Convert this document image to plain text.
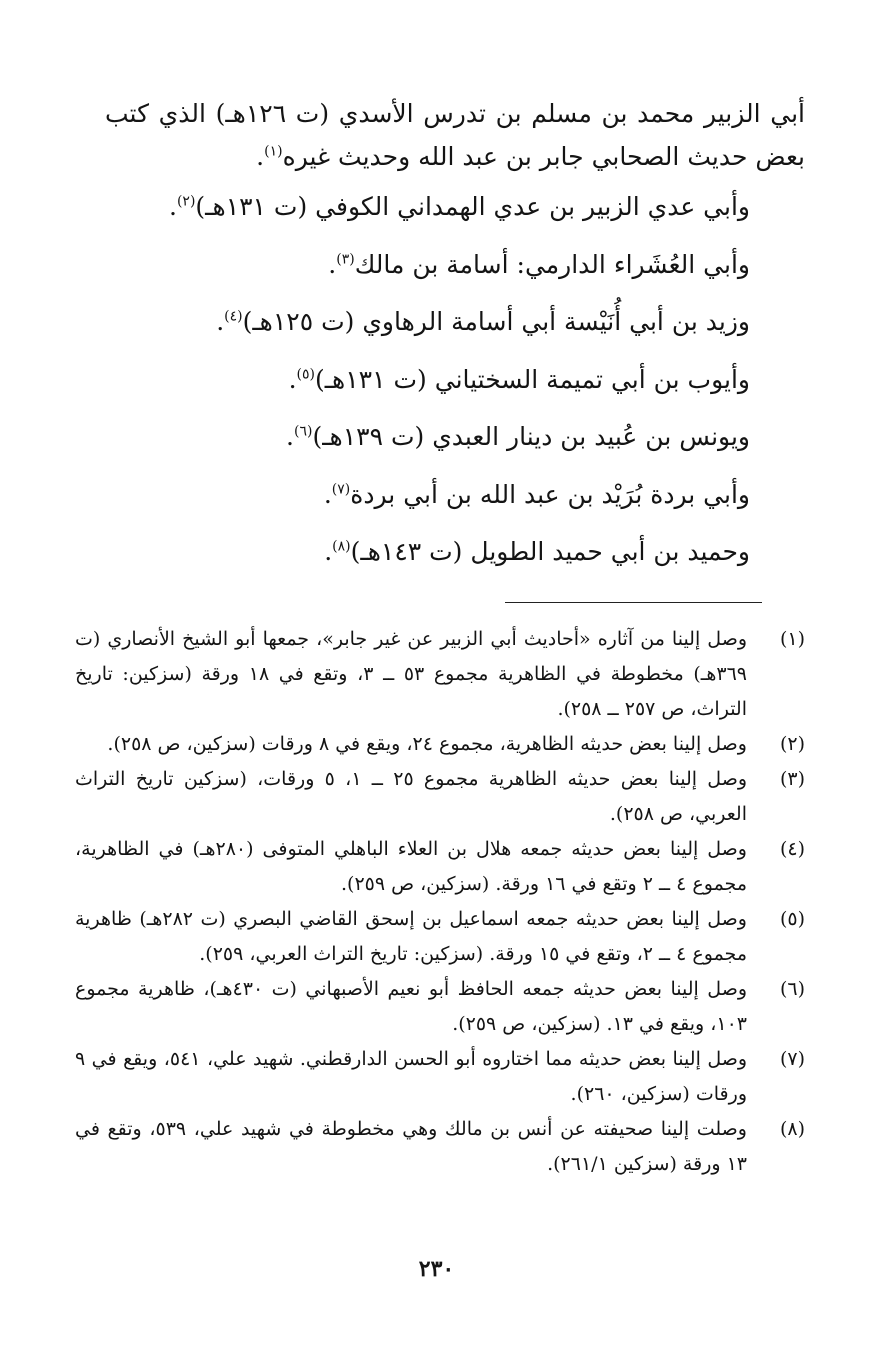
أبي الزبير محمد بن مسلم بن تدرس الأسدي (ت ١٢٦هـ) الذي كتب بعض حديث الصحابي جابر بن عبد الله وحديث غيره$^{(١)}$.

وأبي عدي الزبير بن عدي الهمداني الكوفي (ت ١٣١هـ)$^{(٢)}$.

وأبي العُشَراء الدارمي: أسامة بن مالك$^{(٣)}$.

وزيد بن أبي أُنَيْسة أبي أسامة الرهاوي (ت ١٢٥هـ)$^{(٤)}$.

وأيوب بن أبي تميمة السختياني (ت ١٣١هـ)$^{(٥)}$.

ويونس بن عُبيد بن دينار العبدي (ت ١٣٩هـ)$^{(٦)}$.

وأبي بردة بُرَيْد بن عبد الله بن أبي بردة$^{(٧)}$.

وحميد بن أبي حميد الطويل (ت ١٤٣هـ)$^{(٨)}$.

(١)
وصل إلينا من آثاره «أحاديث أبي الزبير عن غير جابر»، جمعها أبو الشيخ الأنصاري (ت ٣٦٩هـ) مخطوطة في الظاهرية مجموع ٥٣ ــ ٣، وتقع في ١٨ ورقة (سزكين: تاريخ التراث، ص ٢٥٧ ــ ٢٥٨).
(٢)
وصل إلينا بعض حديثه الظاهرية، مجموع ٢٤، ويقع في ٨ ورقات (سزكين، ص ٢٥٨).
(٣)
وصل إلينا بعض حديثه الظاهرية مجموع ٢٥ ــ ١، ٥ ورقات، (سزكين تاريخ التراث العربي، ص ٢٥٨).
(٤)
وصل إلينا بعض حديثه جمعه هلال بن العلاء الباهلي المتوفى (٢٨٠هـ) في الظاهرية، مجموع ٤ ــ ٢ وتقع في ١٦ ورقة. (سزكين، ص ٢٥٩).
(٥)
وصل إلينا بعض حديثه جمعه اسماعيل بن إسحق القاضي البصري (ت ٢٨٢هـ) ظاهرية مجموع ٤ ــ ٢، وتقع في ١٥ ورقة. (سزكين: تاريخ التراث العربي، ٢٥٩).
(٦)
وصل إلينا بعض حديثه جمعه الحافظ أبو نعيم الأصبهاني (ت ٤٣٠هـ)، ظاهرية مجموع ١٠٣، ويقع في ١٣. (سزكين، ص ٢٥٩).
(٧)
وصل إلينا بعض حديثه مما اختاروه أبو الحسن الدارقطني. شهيد علي، ٥٤١، ويقع في ٩ ورقات (سزكين، ٢٦٠).
(٨)
وصلت إلينا صحيفته عن أنس بن مالك وهي مخطوطة في شهيد علي، ٥٣٩، وتقع في ١٣ ورقة (سزكين ٢٦١/١).
٢٣٠
